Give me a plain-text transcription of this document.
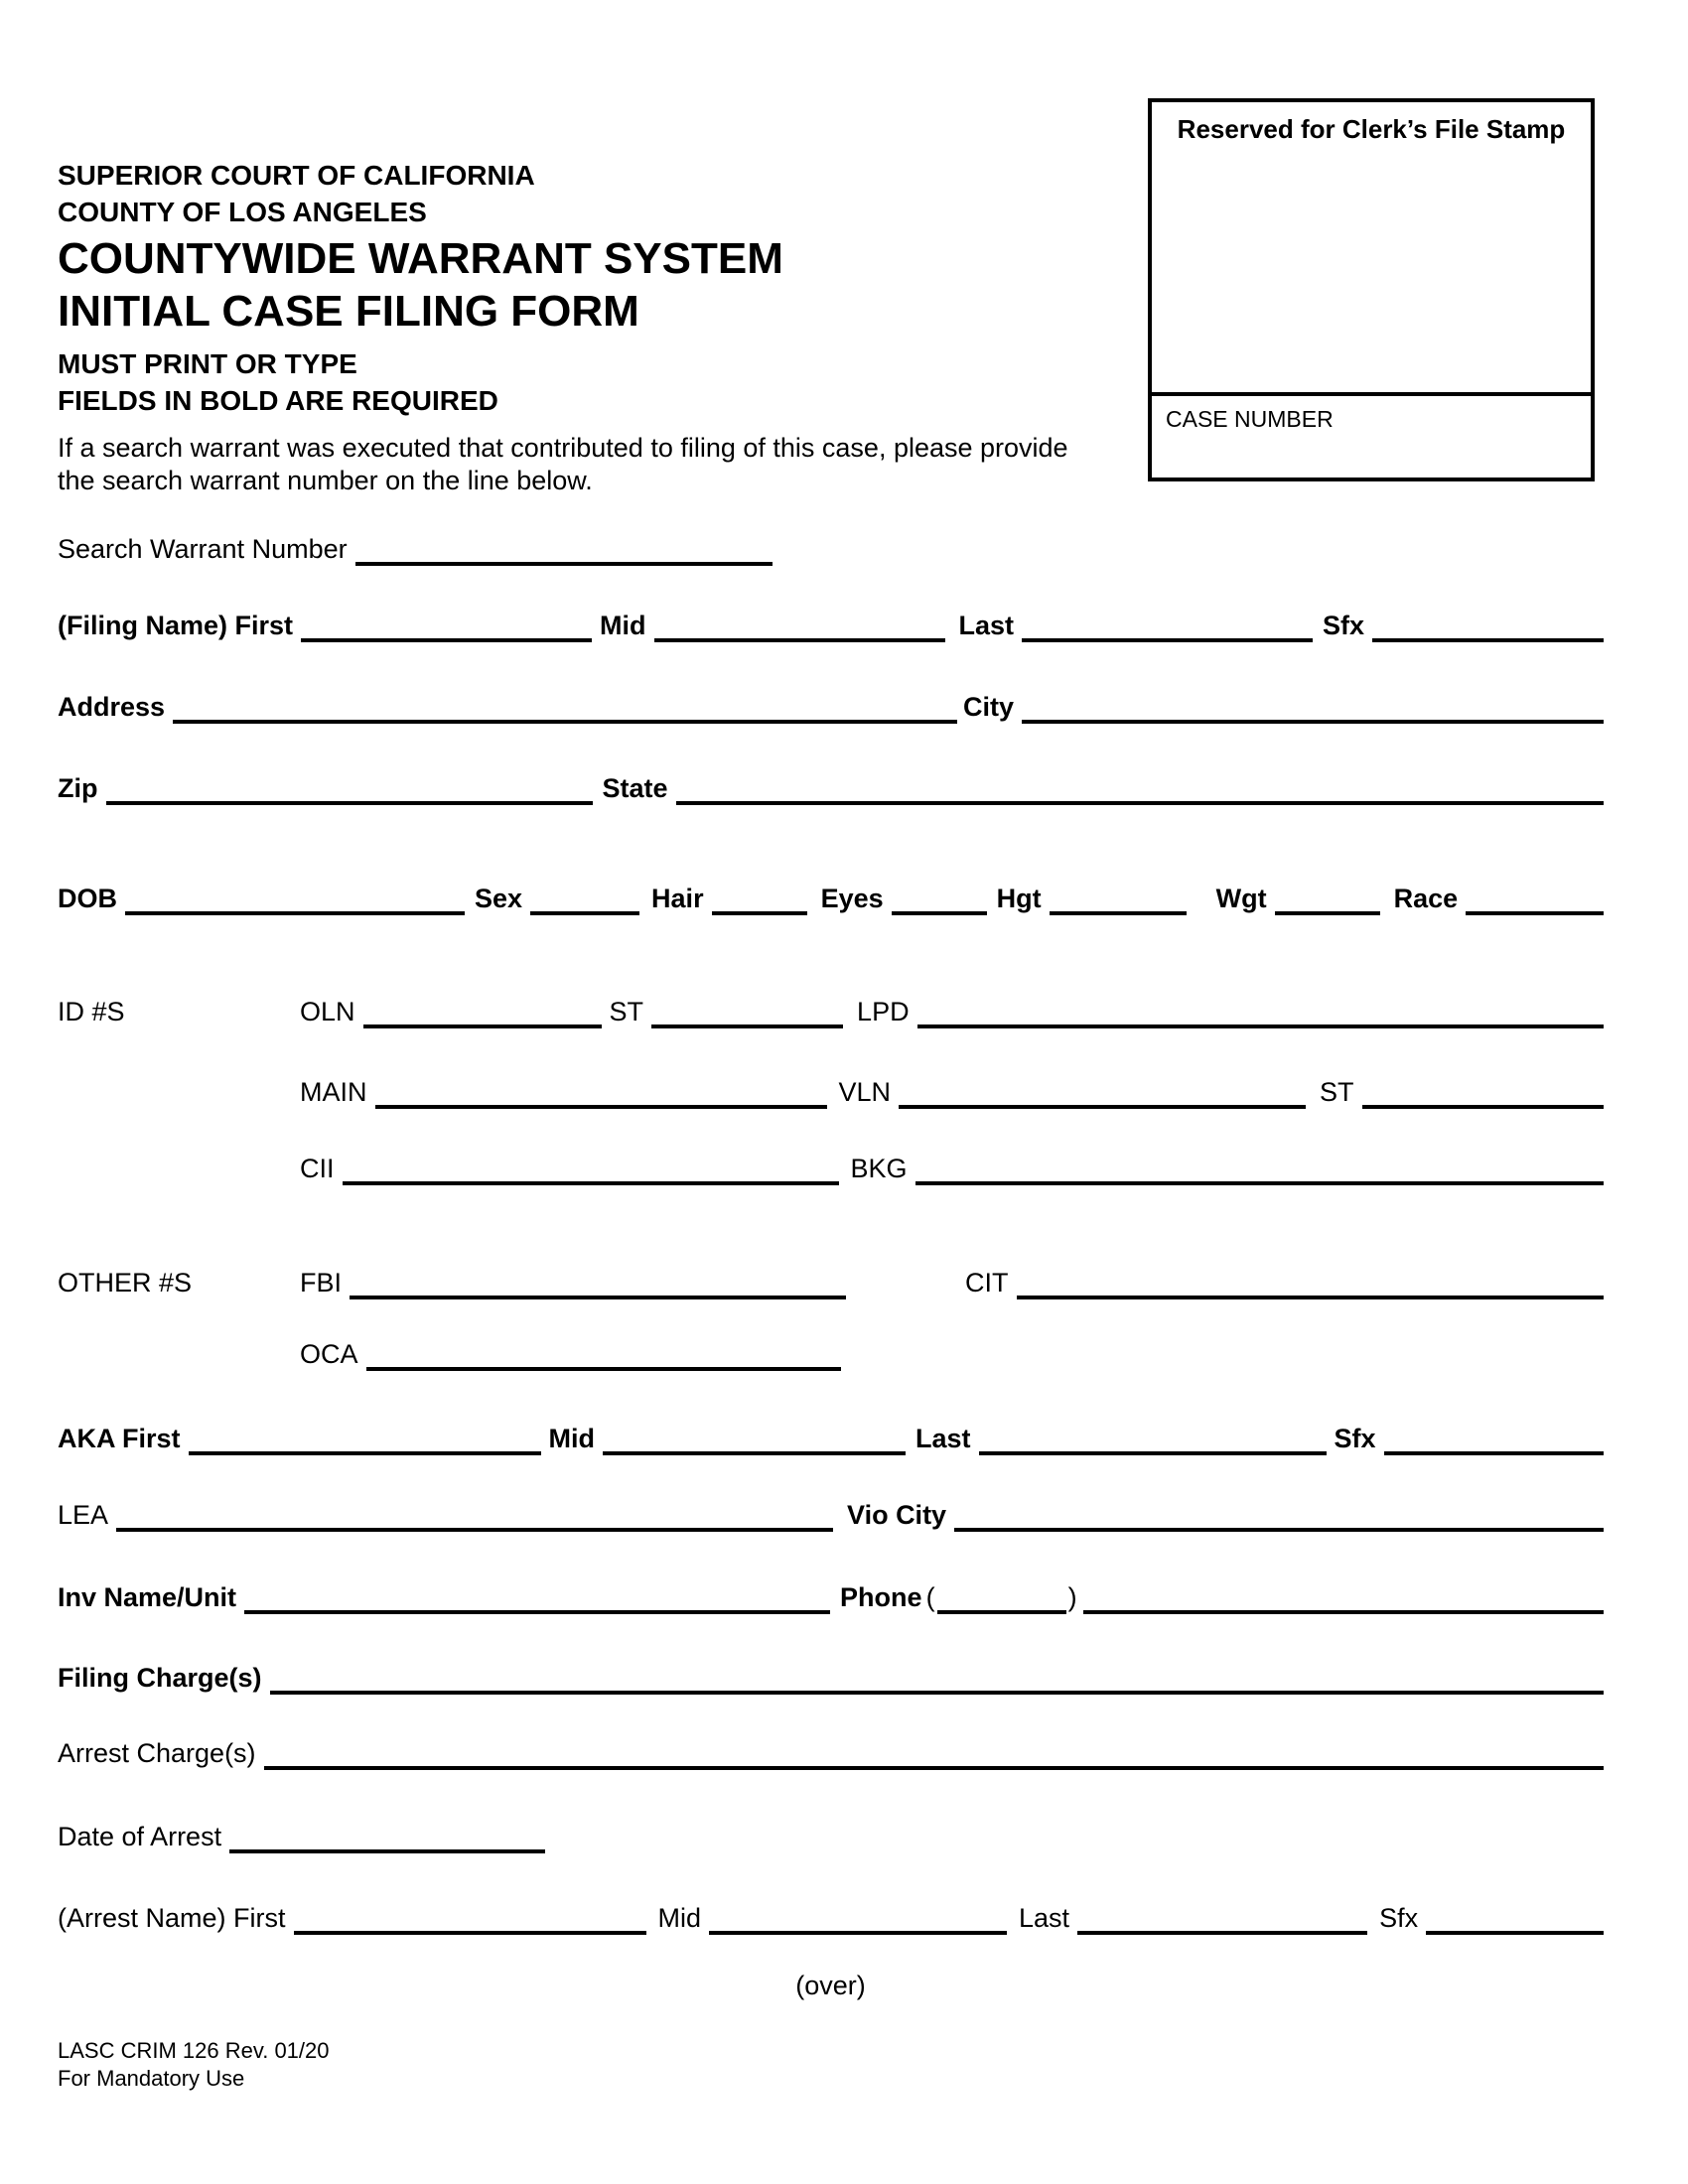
Reserved for Clerk’s File Stamp
CASE NUMBER
SUPERIOR COURT OF CALIFORNIA
COUNTY OF LOS ANGELES
COUNTYWIDE WARRANT SYSTEM
INITIAL CASE FILING FORM
MUST PRINT OR TYPE
FIELDS IN BOLD ARE REQUIRED
If a search warrant was executed that contributed to filing of this case, please provide
the search warrant number on the line below.
Search Warrant Number
(Filing Name) First	Mid	Last	Sfx
Address	City
Zip	State
DOB	Sex	Hair	Eyes	Hgt	Wgt	Race
ID #S	OLN	ST	LPD
MAIN	VLN	ST
CII	BKG
OTHER #S	FBI	CIT
OCA
AKA First	Mid	Last	Sfx
LEA	Vio City
Inv Name/Unit	Phone (	)
Filing Charge(s)
Arrest Charge(s)
Date of Arrest
(Arrest Name) First	Mid	Last	Sfx
(over)
LASC CRIM 126 Rev. 01/20
For Mandatory Use
